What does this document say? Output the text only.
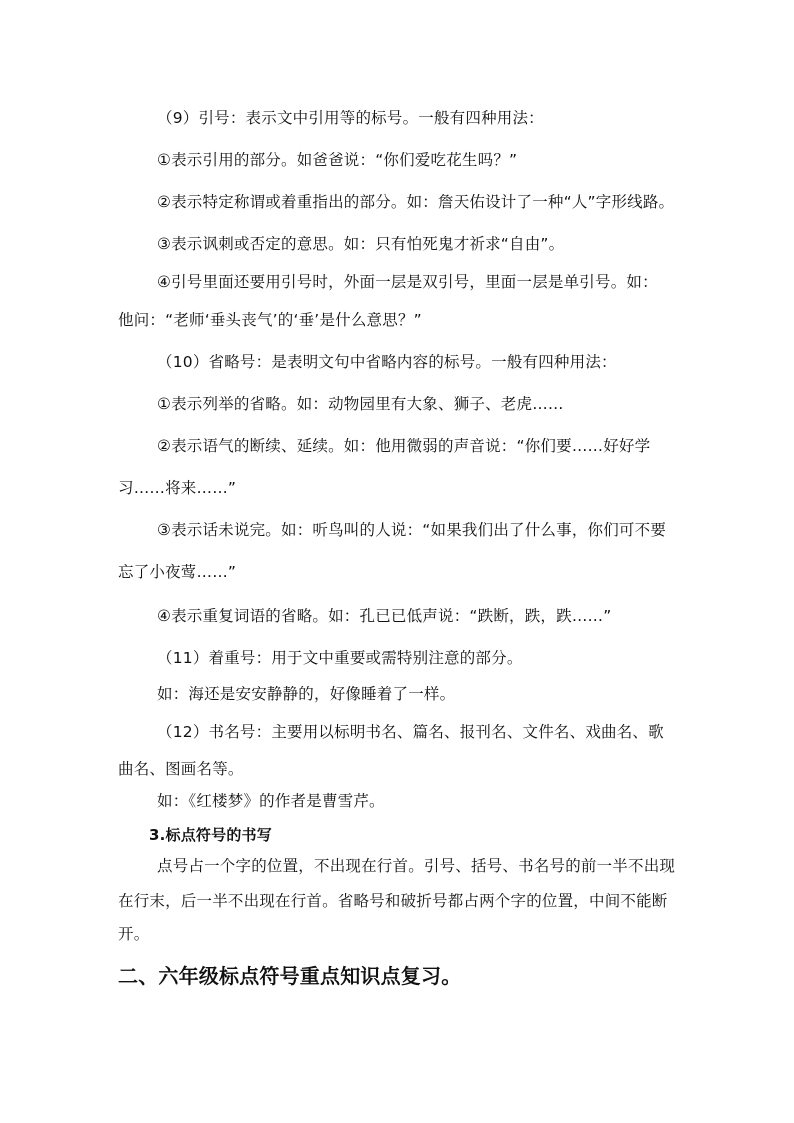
（9）引号：表示文中引用等的标号。一般有四种用法：
①表示引用的部分。如爸爸说：“你们爱吃花生吗？”
②表示特定称谓或着重指出的部分。如：詹天佑设计了一种“人”字形线路。
③表示讽刺或否定的意思。如：只有怕死鬼才祈求“自由”。
④引号里面还要用引号时，外面一层是双引号，里面一层是单引号。如：
他问：“老师‘垂头丧气’的‘垂’是什么意思？”
（10）省略号：是表明文句中省略内容的标号。一般有四种用法：
①表示列举的省略。如：动物园里有大象、狮子、老虎……
②表示语气的断续、延续。如：他用微弱的声音说：“你们要……好好学
习……将来……”
③表示话未说完。如：听鸟叫的人说：“如果我们出了什么事，你们可不要
忘了小夜莺……”
④表示重复词语的省略。如：孔已已低声说：“跌断，跌，跌……”
（11）着重号：用于文中重要或需特别注意的部分。
如：海还是安安静静的，好像睡着了一样。
（12）书名号：主要用以标明书名、篇名、报刊名、文件名、戏曲名、歌
曲名、图画名等。
如：《红楼梦》的作者是曹雪芹。
3.标点符号的书写
点号占一个字的位置，不出现在行首。引号、括号、书名号的前一半不出现
在行末，后一半不出现在行首。省略号和破折号都占两个字的位置，中间不能断
开。
二、六年级标点符号重点知识点复习。
